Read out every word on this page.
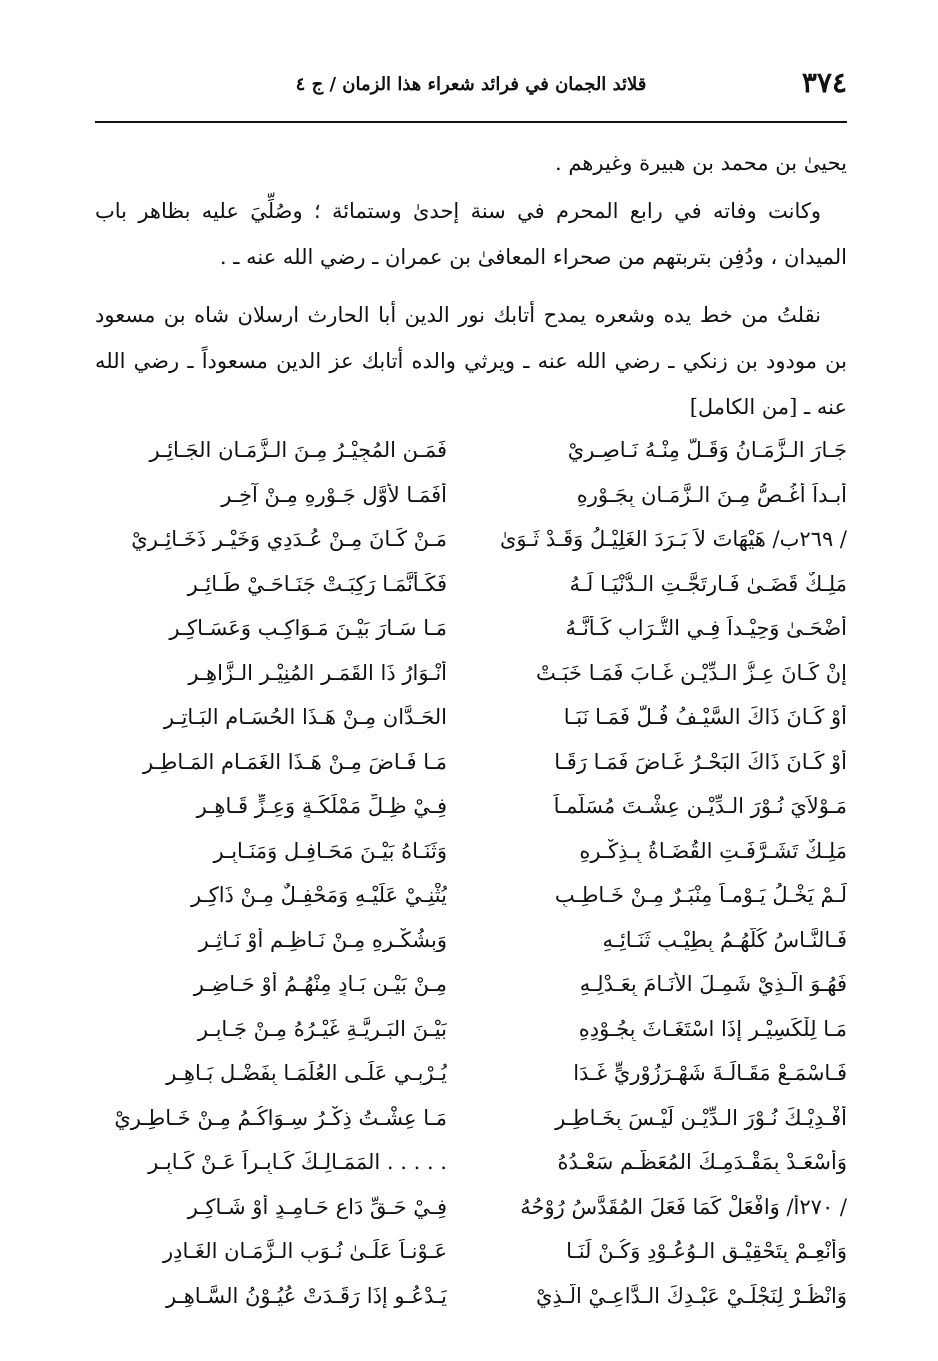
٣٧٤
قلائد الجمان في فرائد شعراء هذا الزمان / ج ٤
يحيىٰ بن محمد بن هبيرة وغيرهم .
وكانت وفاته في رابع المحرم في سنة إحدىٰ وستمائة ؛ وصُلِّيَ عليه بظاهر باب الميدان ، ودُفِن بتربتهم من صحراء المعافىٰ بن عمران ـ رضي الله عنه ـ .
نقلتُ من خط يده وشعره يمدح أتابك نور الدين أبا الحارث ارسلان شاه بن مسعود بن مودود بن زنكي ـ رضي الله عنه ـ ويرثي والده أتابك عز الدين مسعوداً ـ رضي الله عنه ـ [من الكامل]
جَـارَ الـزَّمَـانُ وَقَـلَّ مِنْـهُ نَـاصِـرِيْ
فَمَـنِ المُجِيْـرُ مِـنَ الـزَّمَـانِ الجَـائِـرِ
أَبـداً أَغُـصُّ مِـنَ الـزَّمَـانِ بِجَـوْرِهِ
أَفَمَـا لأَوَّلِ جَـوْرِهِ مِـنْ آخِـرِ
/ ٢٦٩ب/ هَيْهَاتَ لاَ بَـرَدَ الغَلِيْـلُ وَقَـدْ ثَـوَىٰ
مَـنْ كَـانَ مِـنْ عُـدَدِي وَخَيْـرِ ذَخَـائِـرِيْ
مَلِـكٌ قَضَـىٰ فَـارتَجَّـتِ الـدُّنْيَـا لَـهُ
فَكَـأَنَّمَـا رَكِبَـتْ جَنَـاحَـيْ طَـائِـرِ
أَضْحَـىٰ وَحِيْـداً فِـي التُّـرَابِ كَـأَنَّـهُ
مَـا سَـارَ بَيْـنَ مَـوَاكِـبٍ وَعَسَـاكِـرِ
إِنْ كَـانَ عِـزُّ الـدِّيْـنِ غَـابَ فَمَـا خَبَـتْ
أَنْـوَارُ ذَا القَمَـرِ المُنِيْـرِ الـزَّاهِـرِ
أَوْ كَـانَ ذَاكَ السَّيْـفُ فُـلَّ فَمَـا نَبَـا
الحَـدَّانِ مِـنْ هَـذَا الحُسَـامِ البَـاتِـرِ
أَوْ كَـانَ ذَاكَ البَحْـرُ غَـاضَ فَمَـا رَقَـا
مَـا فَـاضَ مِـنْ هَـذَا الغَمَـامِ المَـاطِـرِ
مَـوْلاَيَ نُـوْرَ الـدِّيْـنِ عِشْـتَ مُسَلَّمـاً
فِـيْ ظِـلِّ مَمْلَكَـةٍ وَعِـزٍّ قَـاهِـرِ
مَلِـكٌ تَشَـرَّفَـتِ القُضَـاةُ بِـذِكْـرِهِ
وَثَنَـاهُ بَيْـنَ مَحَـافِـلٍ وَمَنَـابِـرِ
لَـمْ يَخْـلُ يَـوْمـاً مِنْبَـرٌ مِـنْ خَـاطِـبٍ
يُثْنِـيْ عَلَيْـهِ وَمَحْفِـلٌ مِـنْ ذَاكِـرِ
فَـالنَّـاسُ كُلُّهُـمُ بِطِيْـبِ ثَنَـائِـهِ
وَبِشُكْـرِهِ مِـنْ نَـاظِـمٍ أَوْ نَـاثِـرِ
فَهُـوَ الَّـذِيْ شَمِـلَ الأَنَـامَ بِعَـدْلِـهِ
مِـنْ بَيْـنِ بَـادٍ مِنْهُـمُ أَوْ حَـاضِـرِ
مَـا لِلْكَسِيْـرِ إِذَا اسْتَغَـاثَ بِجُـوْدِهِ
بَيْـنَ البَـرِيَّـةِ غَيْـرُهُ مِـنْ جَـابِـرِ
فَـاسْمَـعْ مَقَـالَـةَ شَهْـرَزُوْرِيٍّ غَـدَا
يُـرْبِـي عَلَـى العُلَمَـا بِفَضْـلٍ بَـاهِـرِ
أَفْـدِيْـكَ نُـوْرَ الـدِّيْـنِ لَيْـسَ بِخَـاطِـرٍ
مَـا عِشْـتُ ذِكْـرُ سِـوَاكُـمُ مِـنْ خَـاطِـرِيْ
وَأَسْعَـدْ بِمَقْـدَمِـكَ المُعَظَّـمِ سَعْـدُهُ
. . . . . المَمَـالِـكَ كَـابِـراً عَـنْ كَـابِـرِ
/ ٢٧٠أ/ وَافْعَلْ كَمَا فَعَلَ المُقَدَّسُ رُوْحُهُ
فِـيْ حَـقِّ دَاعٍ حَـامِـدٍ أَوْ شَـاكِـرِ
وَأَنْعِـمْ بِتَحْقِيْـقِ الـوُعُـوْدِ وَكُـنْ لَنَـا
عَـوْنـاً عَلَـىٰ نُـوَبِ الـزَّمَـانِ الغَـادِرِ
وَانْظُـرْ لِنَجْلَـيْ عَبْـدِكَ الـدَّاعِـيْ الَّـذِيْ
يَـدْعُـو إِذَا رَقَـدَتْ عُيُـوْنُ السَّـاهِـرِ
